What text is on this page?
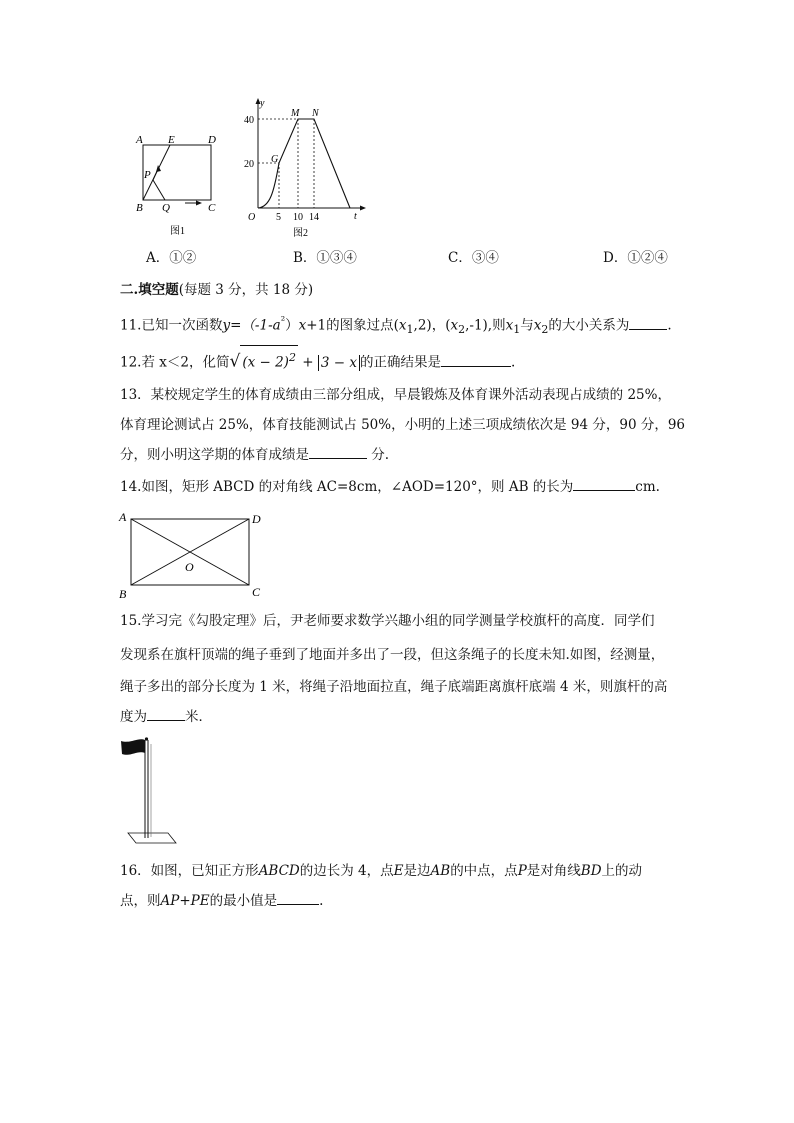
A E	D
P
B Q	C
图1
y
t
O
40
20
5 10 14
G
M N
图2
A．①②	B．①③④	C．③④	D．①②④
二.填空题(每题 3 分，共 18 分)
11.已知一次函数$y=(-1-a^{^2})x+1$的图象过点$(x_1,2)$，$(x_2,-1)$,则$x_1$与$x_2$的大小关系为	.
12.若 x＜2，化简√ $(x - 2)^2 + 3 - x$ 的正确结果是	.
13．某校规定学生的体育成绩由三部分组成，早晨锻炼及体育课外活动表现占成绩的 25%，
体育理论测试占 25%，体育技能测试占 50%，小明的上述三项成绩依次是 94 分，90 分，96
分，则小明这学期的体育成绩是	分.
14.如图，矩形 ABCD 的对角线 AC=8cm，∠AOD=120°，则 AB 的长为	cm.
A	D
B	C
O
15.学习完《勾股定理》后，尹老师要求数学兴趣小组的同学测量学校旗杆的高度．同学们
发现系在旗杆顶端的绳子垂到了地面并多出了一段，但这条绳子的长度未知.如图，经测量，
绳子多出的部分长度为 1 米，将绳子沿地面拉直，绳子底端距离旗杆底端 4 米，则旗杆的高
度为	米．
16．如图，已知正方形ABCD的边长为 4，点E是边AB的中点，点P是对角线BD上的动
点，则AP+PE的最小值是	.
